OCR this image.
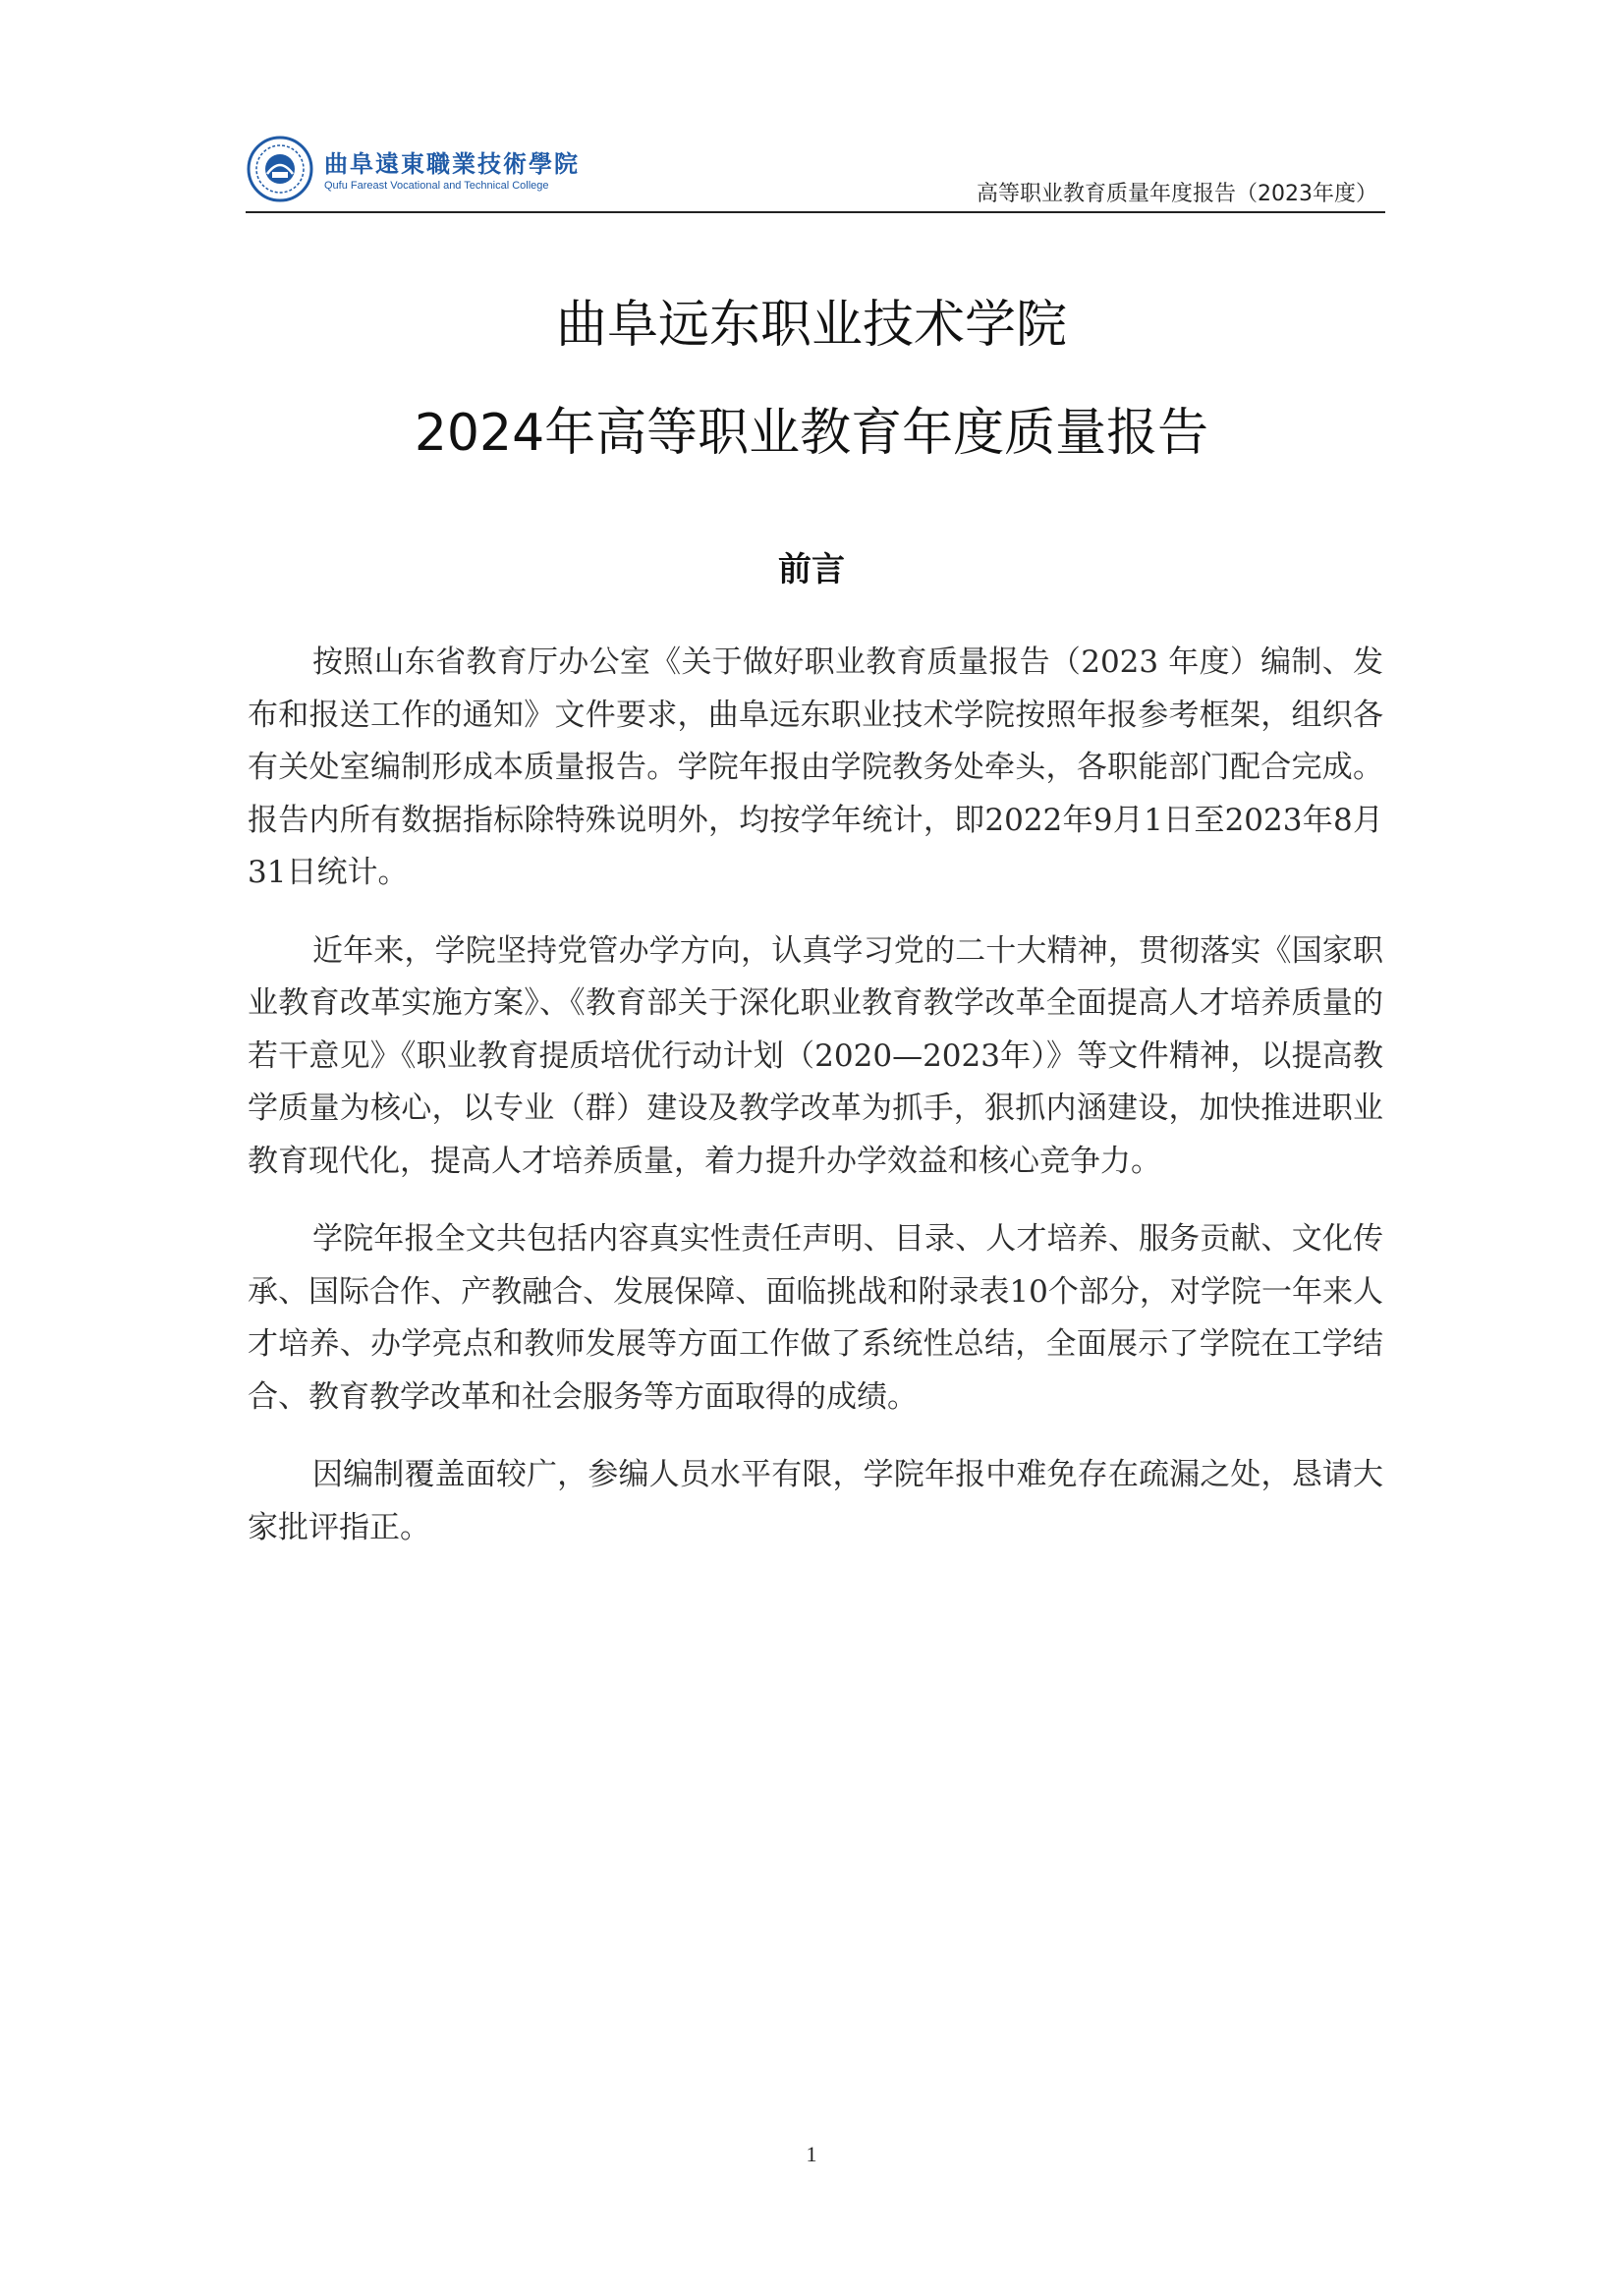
曲阜遠東職業技術學院
Qufu Fareast Vocational and Technical College	高等职业教育质量年度报告（2023年度）
曲阜远东职业技术学院
2024年高等职业教育年度质量报告
前言

按照山东省教育厅办公室《关于做好职业教育质量报告（2023 年度）编制、发布和报送工作的通知》文件要求，曲阜远东职业技术学院按照年报参考框架，组织各有关处室编制形成本质量报告。学院年报由学院教务处牵头，各职能部门配合完成。报告内所有数据指标除特殊说明外，均按学年统计，即2022年9月1日至2023年8月31日统计。

近年来，学院坚持党管办学方向，认真学习党的二十大精神，贯彻落实《国家职业教育改革实施方案》、《教育部关于深化职业教育教学改革全面提高人才培养质量的若干意见》《职业教育提质培优行动计划（2020—2023年）》等文件精神，以提高教学质量为核心，以专业（群）建设及教学改革为抓手，狠抓内涵建设，加快推进职业教育现代化，提高人才培养质量，着力提升办学效益和核心竞争力。

学院年报全文共包括内容真实性责任声明、目录、人才培养、服务贡献、文化传承、国际合作、产教融合、发展保障、面临挑战和附录表10个部分，对学院一年来人才培养、办学亮点和教师发展等方面工作做了系统性总结，全面展示了学院在工学结合、教育教学改革和社会服务等方面取得的成绩。

因编制覆盖面较广，参编人员水平有限，学院年报中难免存在疏漏之处，恳请大家批评指正。

1
